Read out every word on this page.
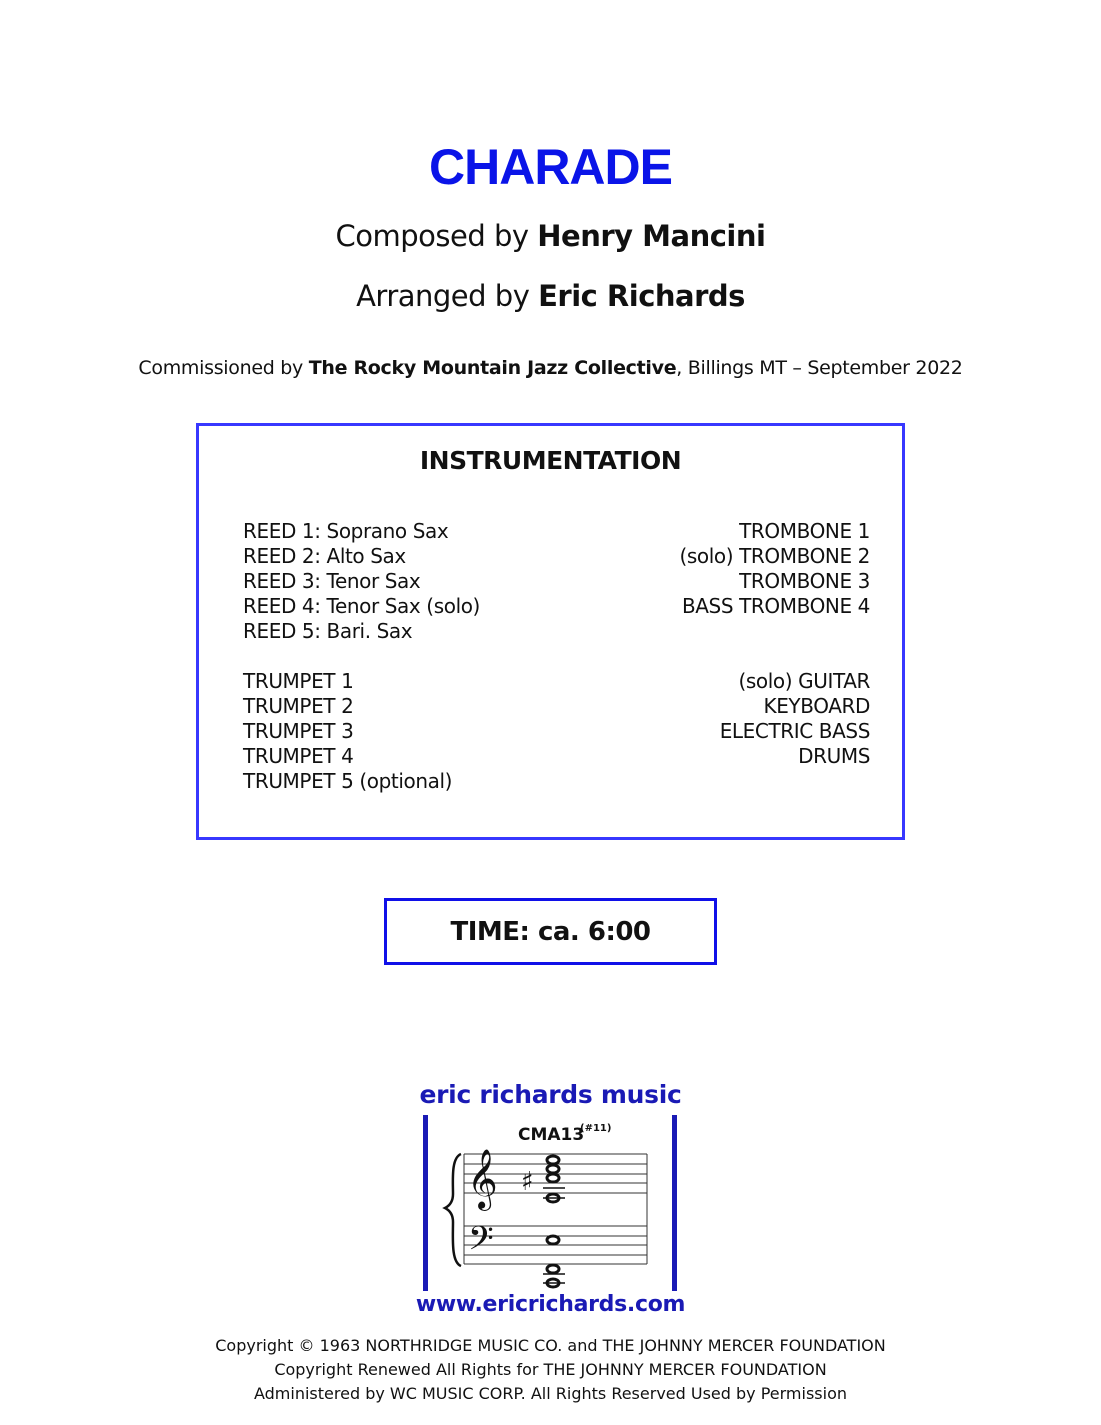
CHARADE
Composed by Henry Mancini
Arranged by Eric Richards
Commissioned by The Rocky Mountain Jazz Collective, Billings MT – September 2022
INSTRUMENTATION
REED 1: Soprano Sax
REED 2: Alto Sax
REED 3: Tenor Sax
REED 4: Tenor Sax (solo)
REED 5: Bari. Sax
TROMBONE 1
(solo) TROMBONE 2
TROMBONE 3
BASS TROMBONE 4
TRUMPET 1
TRUMPET 2
TRUMPET 3
TRUMPET 4
TRUMPET 5 (optional)
(solo) GUITAR
KEYBOARD
ELECTRIC BASS
DRUMS
TIME: ca. 6:00
eric richards music
CMA13
(#11)
𝄞
𝄢
♯
www.ericrichards.com
Copyright © 1963 NORTHRIDGE MUSIC CO. and THE JOHNNY MERCER FOUNDATION
Copyright Renewed All Rights for THE JOHNNY MERCER FOUNDATION
Administered by WC MUSIC CORP. All Rights Reserved Used by Permission
